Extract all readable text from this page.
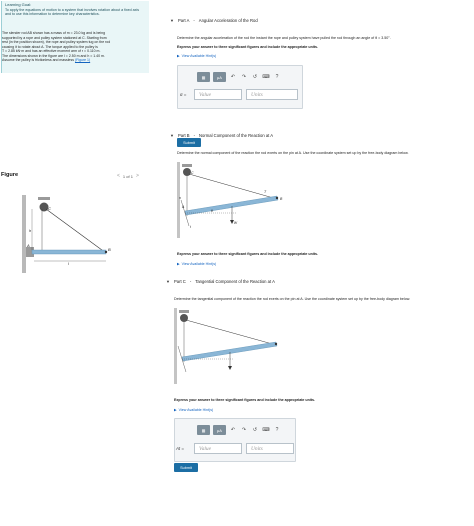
Learning Goal:
To apply the equations of motion to a system that involves rotation about a fixed axis and to use this information to determine key characteristics.
The slender rod AB shown has a mass of m = 23.0 kg and is being
supported by a rope and pulley system stationed at C. Starting from
rest (in the position shown), the rope and pulley system tug on the rod
causing it to rotate about A. The torque applied to the pulley is
T = 2.85 kN·m and has an effective moment arm of r = 0.110 m.
The dimensions shown in the figure are l = 2.50 m and h = 1.40 m.
Assume the pulley is frictionless and massless (Figure 1)
Figure	< 1 of 1 >
C
h
A
B
l
▼ Part A - Angular Acceleration of the Rod
Determine the angular acceleration of the rod the instant the rope and pulley system have pulled the rod through an angle of θ = 3.50°.
Express your answer to three significant figures and include the appropriate units.
▶ View Available Hint(s)
▦	μA	↶	↷	↺	⌨	?
α =	Value	Units
Submit
▼ Part B - Normal Component of the Reaction at A
Determine the normal component of the reaction the rod exerts on the pin at A. Use the coordinate system set up by the free-body diagram below.
C
T
B
A
θ
n
t
W
Express your answer to three significant figures and include the appropriate units.
▶ View Available Hint(s)
▼ Part C - Tangential Component of the Reaction at A
Determine the tangential component of the reaction the rod exerts on the pin at A. Use the coordinate system set up by the free-body diagram below.
Express your answer to three significant figures and include the appropriate units.
▶ View Available Hint(s)
▦	μA	↶	↷	↺	⌨	?
At =	Value	Units
Submit
